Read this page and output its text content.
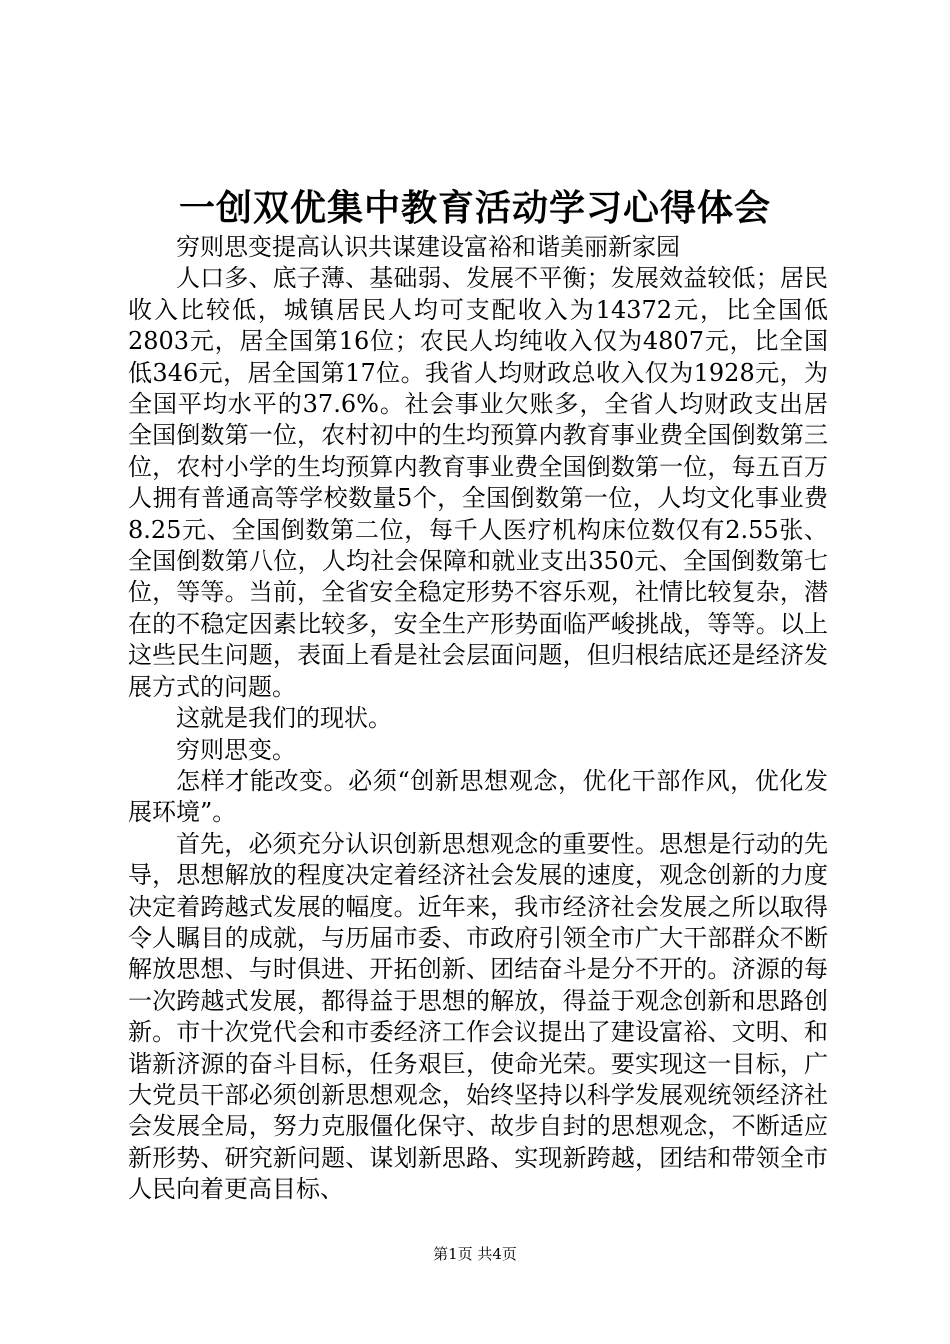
一创双优集中教育活动学习心得体会

穷则思变提高认识共谋建设富裕和谐美丽新家园

人口多、底子薄、基础弱、发展不平衡；发展效益较低；居民收入比较低，城镇居民人均可支配收入为14372元，比全国低2803元，居全国第16位；农民人均纯收入仅为4807元，比全国低346元，居全国第17位。我省人均财政总收入仅为1928元，为全国平均水平的37.6%。社会事业欠账多，全省人均财政支出居全国倒数第一位，农村初中的生均预算内教育事业费全国倒数第三位，农村小学的生均预算内教育事业费全国倒数第一位，每五百万人拥有普通高等学校数量5个，全国倒数第一位，人均文化事业费8.25元、全国倒数第二位，每千人医疗机构床位数仅有2.55张、全国倒数第八位，人均社会保障和就业支出350元、全国倒数第七位，等等。当前，全省安全稳定形势不容乐观，社情比较复杂，潜在的不稳定因素比较多，安全生产形势面临严峻挑战，等等。以上这些民生问题，表面上看是社会层面问题，但归根结底还是经济发展方式的问题。

这就是我们的现状。

穷则思变。

怎样才能改变。必须“创新思想观念，优化干部作风，优化发展环境”。

首先，必须充分认识创新思想观念的重要性。思想是行动的先导，思想解放的程度决定着经济社会发展的速度，观念创新的力度决定着跨越式发展的幅度。近年来，我市经济社会发展之所以取得令人瞩目的成就，与历届市委、市政府引领全市广大干部群众不断解放思想、与时俱进、开拓创新、团结奋斗是分不开的。济源的每一次跨越式发展，都得益于思想的解放，得益于观念创新和思路创新。市十次党代会和市委经济工作会议提出了建设富裕、文明、和谐新济源的奋斗目标，任务艰巨，使命光荣。要实现这一目标，广大党员干部必须创新思想观念，始终坚持以科学发展观统领经济社会发展全局，努力克服僵化保守、故步自封的思想观念，不断适应新形势、研究新问题、谋划新思路、实现新跨越，团结和带领全市人民向着更高目标、

第1页 共4页
